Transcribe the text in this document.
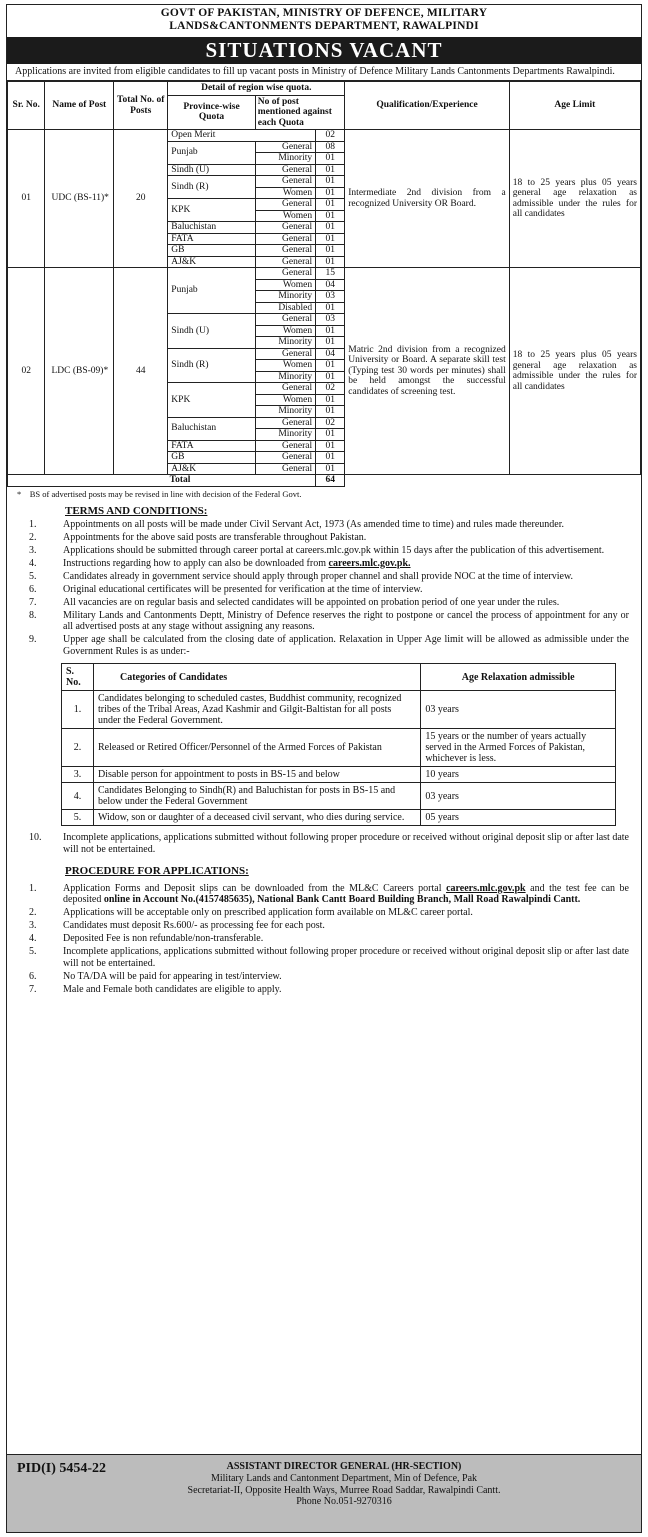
GOVT OF PAKISTAN, MINISTRY OF DEFENCE, MILITARY
LANDS&CANTONMENTS DEPARTMENT, RAWALPINDI
SITUATIONS VACANT
Applications are invited from eligible candidates to fill up vacant posts in Ministry of Defence Military Lands Cantonments Departments Rawalpindi.
Sr. No.	Name of Post	Total No. of Posts	Detail of region wise quota.			Qualification/Experience	Age Limit
			Province-wise Quota	No of post mentioned against each Quota			
01	UDC (BS-11)*	20	Open Merit		02	Intermediate 2nd division from a recognized University OR Board.	18 to 25 years plus 05 years general age relaxation as admissible under the rules for all candidates
			Punjab	General	08		
				Minority	01		
			Sindh (U)	General	01		
			Sindh (R)	General	01		
				Women	01		
			KPK	General	01		
				Women	01		
			Baluchistan	General	01		
			FATA	General	01		
			GB	General	01		
			AJ&K	General	01		
02	LDC (BS-09)*	44	Punjab	General	15	Matric 2nd division from a recognized University or Board. A separate skill test (Typing test 30 words per minutes) shall be held amongst the successful candidates of screening test.	18 to 25 years plus 05 years general age relaxation as admissible under the rules for all candidates
				Women	04		
				Minority	03		
				Disabled	01		
			Sindh (U)	General	03		
				Women	01		
				Minority	01		
			Sindh (R)	General	04		
				Women	01		
				Minority	01		
			KPK	General	02		
				Women	01		
				Minority	01		
			Baluchistan	General	02		
				Minority	01		
			FATA	General	01		
			GB	General	01		
			AJ&K	General	01		
Total					64		
*    BS of advertised posts may be revised in line with decision of the Federal Govt.
TERMS AND CONDITIONS:
1.	Appointments on all posts will be made under Civil Servant Act, 1973 (As amended time to time) and rules made thereunder.
2.	Appointments for the above said posts are transferable throughout Pakistan.
3.	Applications should be submitted through career portal at careers.mlc.gov.pk within 15 days after the publication of this advertisement.
4.	Instructions regarding how to apply can also be downloaded from careers.mlc.gov.pk.
5.	Candidates already in government service should apply through proper channel and shall provide NOC at the time of interview.
6.	Original educational certificates will be presented for verification at the time of interview.
7.	All vacancies are on regular basis and selected candidates will be appointed on probation period of one year under the rules.
8.	Military Lands and Cantonments Deptt, Ministry of Defence reserves the right to postpone or cancel the process of appointment for any or all advertised posts at any stage without assigning any reasons.
9.	Upper age shall be calculated from the closing date of application. Relaxation in Upper Age limit will be allowed as admissible under the Government Rules is as under:-
S. No.	Categories of Candidates	Age Relaxation admissible
1.	Candidates belonging to scheduled castes, Buddhist community, recognized tribes of the Tribal Areas, Azad Kashmir and Gilgit-Baltistan for all posts under the Federal Government.	03 years
2.	Released or Retired Officer/Personnel of the Armed Forces of Pakistan	15 years or the number of years actually served in the Armed Forces of Pakistan, whichever is less.
3.	Disable person for appointment to posts in BS-15 and below	10 years
4.	Candidates Belonging to Sindh(R) and Baluchistan for posts in BS-15 and below under the Federal Government	03 years
5.	Widow, son or daughter of a deceased civil servant, who dies during service.	05 years
10.	Incomplete applications, applications submitted without following proper procedure or received without original deposit slip or after last date will not be entertained.
PROCEDURE FOR APPLICATIONS:
1.	Application Forms and Deposit slips can be downloaded from the ML&C Careers portal careers.mlc.gov.pk and the test fee can be deposited online in Account No.(4157485635), National Bank Cantt Board Building Branch, Mall Road Rawalpindi Cantt.
2.	Applications will be acceptable only on prescribed application form available on ML&C career portal.
3.	Candidates must deposit Rs.600/- as processing fee for each post.
4.	Deposited Fee is non refundable/non-transferable.
5.	Incomplete applications, applications submitted without following proper procedure or received without original deposit slip or after last date will not be entertained.
6.	No TA/DA will be paid for appearing in test/interview.
7.	Male and Female both candidates are eligible to apply.
PID(I) 5454-22	ASSISTANT DIRECTOR GENERAL (HR-SECTION)
Military Lands and Cantonment Department, Min of Defence, Pak
Secretariat-II, Opposite Health Ways, Murree Road Saddar, Rawalpindi Cantt.
Phone No.051-9270316
